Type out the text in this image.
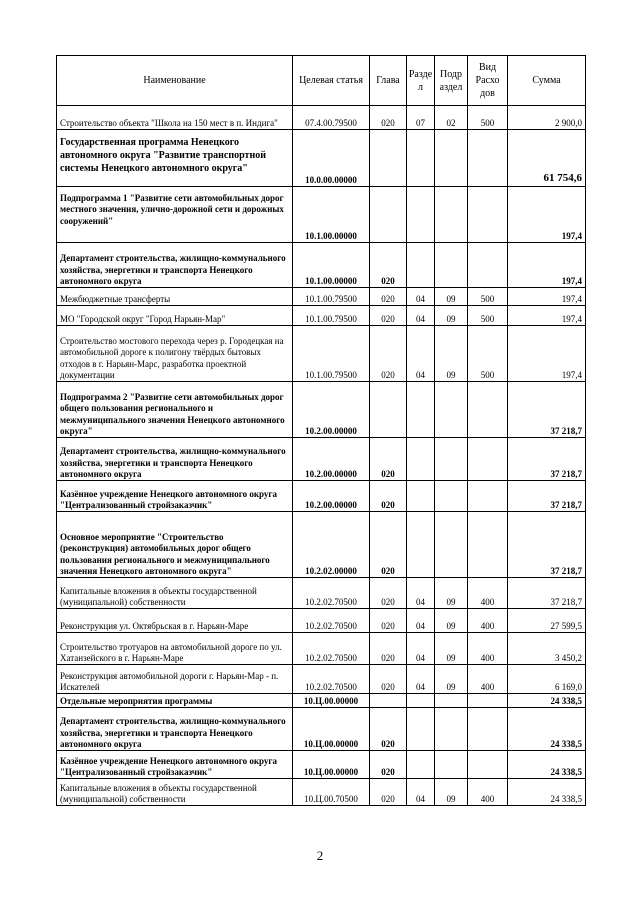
Наименование	Целевая статья	Глава	Разде л	Подр аздел	Вид Расхо дов	Сумма
Строительство объекта "Школа на 150 мест в п. Индига"	07.4.00.79500	020	07	02	500	2 900,0
Государственная программа Ненецкого автономного округа "Развитие транспортной системы Ненецкого автономного округа"	10.0.00.00000					61 754,6
Подпрограмма 1 "Развитие сети автомобильных дорог местного значения, улично-дорожной сети и дорожных сооружений"	10.1.00.00000					197,4
Департамент строительства, жилищно-коммунального хозяйства, энергетики и транспорта Ненецкого автономного округа	10.1.00.00000	020				197,4
Межбюджетные трансферты	10.1.00.79500	020	04	09	500	197,4
МО "Городской округ "Город Нарьян-Мар"	10.1.00.79500	020	04	09	500	197,4
Строительство мостового перехода через р. Городецкая на автомобильной дороге к полигону твёрдых бытовых отходов в г. Нарьян-Марс, разработка проектной документации	10.1.00.79500	020	04	09	500	197,4
Подпрограмма 2 "Развитие сети автомобильных дорог общего пользования регионального и межмуниципального значения Ненецкого автономного округа"	10.2.00.00000					37 218,7
Департамент строительства, жилищно-коммунального хозяйства, энергетики и транспорта Ненецкого автономного округа	10.2.00.00000	020				37 218,7
Казённое учреждение Ненецкого автономного округа "Централизованный стройзаказчик"	10.2.00.00000	020				37 218,7
Основное мероприятие "Строительство (реконструкция) автомобильных дорог общего пользования регионального и межмуниципального значения Ненецкого автономного округа"	10.2.02.00000	020				37 218,7
Капитальные вложения в объекты государственной (муниципальной) собственности	10.2.02.70500	020	04	09	400	37 218,7
Реконструкция ул. Октябрьская в г. Нарьян-Маре	10.2.02.70500	020	04	09	400	27 599,5
Строительство тротуаров на автомобильной дороге по ул. Хатанзейского в г. Нарьян-Маре	10.2.02.70500	020	04	09	400	3 450,2
Реконструкция автомобильной дороги г. Нарьян-Мар - п. Искателей	10.2.02.70500	020	04	09	400	6 169,0
Отдельные мероприятия программы	10.Ц.00.00000					24 338,5
Департамент строительства, жилищно-коммунального хозяйства, энергетики и транспорта Ненецкого автономного округа	10.Ц.00.00000	020				24 338,5
Казённое учреждение Ненецкого автономного округа "Централизованный стройзаказчик"	10.Ц.00.00000	020				24 338,5
Капитальные вложения в объекты государственной (муниципальной) собственности	10.Ц.00.70500	020	04	09	400	24 338,5
2
